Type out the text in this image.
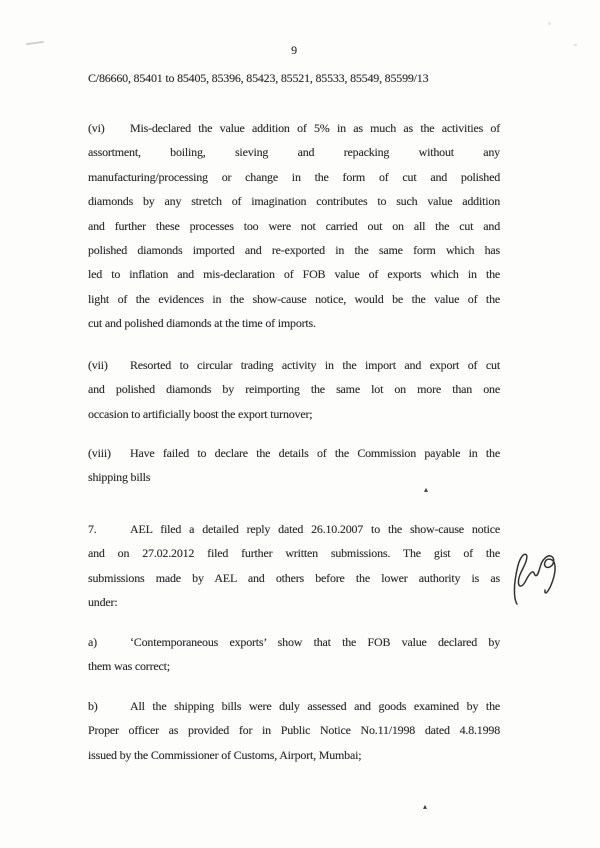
9
C/86660, 85401 to 85405, 85396, 85423, 85521, 85533, 85549, 85599/13
(vi) Mis-declared the value addition of 5% in as much as the activities of
assortment, boiling, sieving and repacking without any
manufacturing/processing or change in the form of cut and polished
diamonds by any stretch of imagination contributes to such value addition
and further these processes too were not carried out on all the cut and
polished diamonds imported and re-exported in the same form which has
led to inflation and mis-declaration of FOB value of exports which in the
light of the evidences in the show-cause notice, would be the value of the
cut and polished diamonds at the time of imports.
(vii) Resorted to circular trading activity in the import and export of cut
and polished diamonds by reimporting the same lot on more than one
occasion to artificially boost the export turnover;
(viii) Have failed to declare the details of the Commission payable in the
shipping bills
7.	AEL filed a detailed reply dated 26.10.2007 to the show-cause notice
and on 27.02.2012 filed further written submissions. The gist of the
submissions made by AEL and others before the lower authority is as
under:
a)	‘Contemporaneous exports’ show that the FOB value declared by
them was correct;
b)	All the shipping bills were duly assessed and goods examined by the
Proper officer as provided for in Public Notice No.11/1998 dated 4.8.1998
issued by the Commissioner of Customs, Airport, Mumbai;
▴
▴
